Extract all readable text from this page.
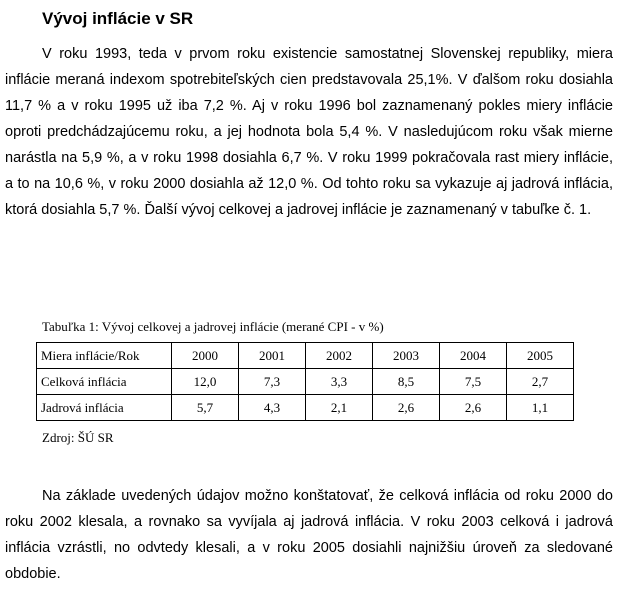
Vývoj inflácie v SR

V roku 1993, teda v prvom roku existencie samostatnej Slovenskej republiky, miera inflácie meraná indexom spotrebiteľských cien predstavovala 25,1%. V ďalšom roku dosiahla 11,7 % a v roku 1995 už iba 7,2 %. Aj v roku 1996 bol zaznamenaný pokles miery inflácie oproti predchádzajúcemu roku, a jej hodnota bola 5,4 %. V nasledujúcom roku však mierne narástla na 5,9 %, a v roku 1998 dosiahla 6,7 %. V roku 1999 pokračovala rast miery inflácie, a to na 10,6 %, v roku 2000 dosiahla až 12,0 %. Od tohto roku sa vykazuje aj jadrová inflácia, ktorá dosiahla 5,7 %. Ďalší vývoj celkovej a jadrovej inflácie je zaznamenaný v tabuľke č. 1.

Tabuľka 1: Vývoj celkovej a jadrovej inflácie (merané CPI - v %)
Miera inflácie/Rok	2000	2001	2002	2003	2004	2005
Celková inflácia	12,0	7,3	3,3	8,5	7,5	2,7
Jadrová inflácia	5,7	4,3	2,1	2,6	2,6	1,1
Zdroj: ŠÚ SR

Na základe uvedených údajov možno konštatovať, že celková inflácia od roku 2000 do roku 2002 klesala, a rovnako sa vyvíjala aj jadrová inflácia. V roku 2003 celková i jadrová inflácia vzrástli, no odvtedy klesali, a v roku 2005 dosiahli najnižšiu úroveň za sledované obdobie.
